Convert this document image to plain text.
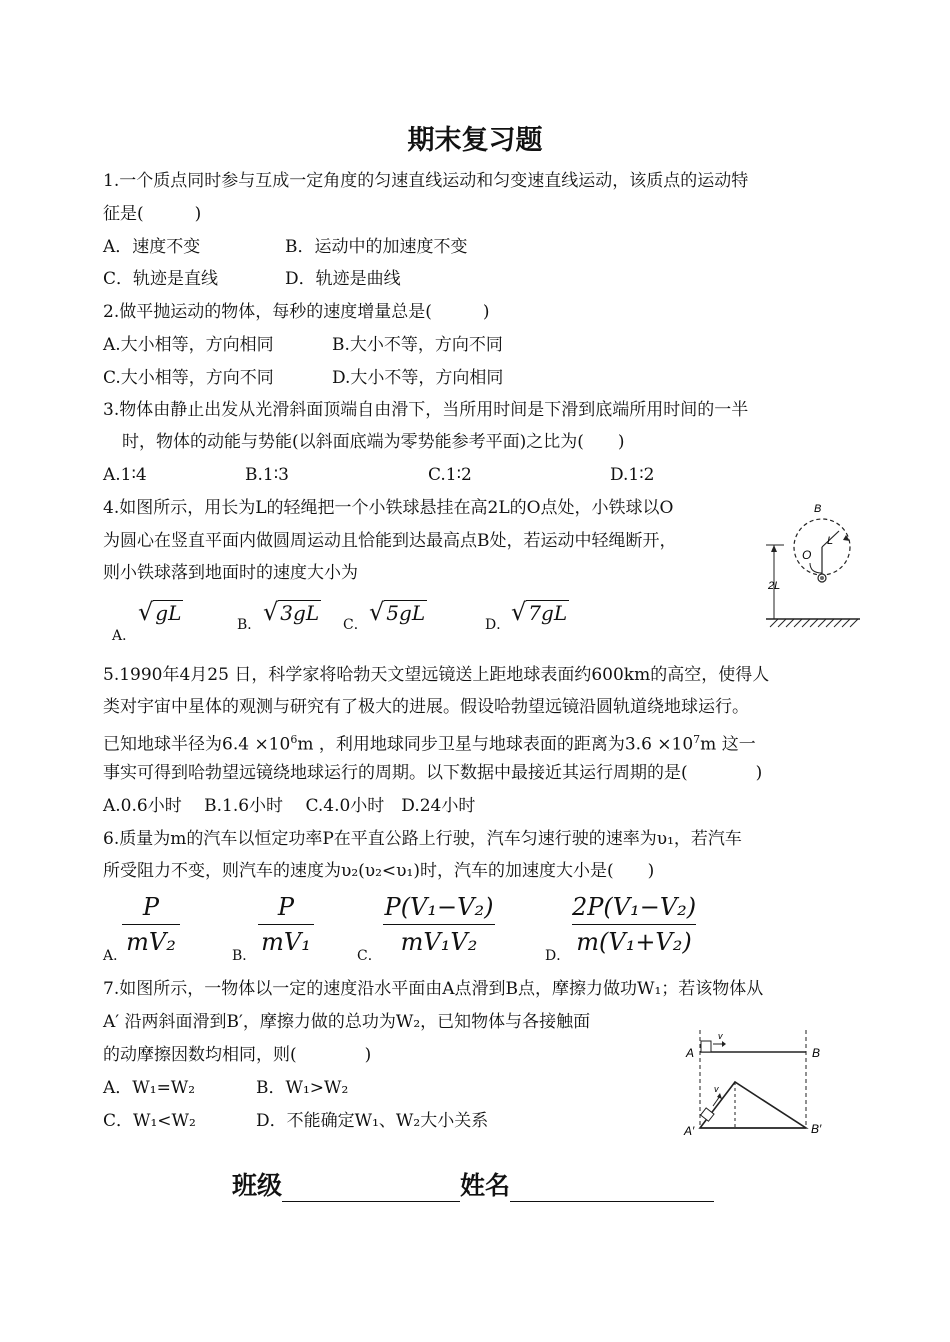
期末复习题
1.一个质点同时参与互成一定角度的匀速直线运动和匀变速直线运动，该质点的运动特
征是(　　　)
A．速度不变	B．运动中的加速度不变
C．轨迹是直线	D．轨迹是曲线
2.做平抛运动的物体，每秒的速度增量总是(　　　)
A.大小相等，方向相同	B.大小不等，方向不同
C.大小相等，方向不同	D.大小不等，方向相同
3.物体由静止出发从光滑斜面顶端自由滑下，当所用时间是下滑到底端所用时间的一半
时，物体的动能与势能(以斜面底端为零势能参考平面)之比为(　　)
A.1∶4	B.1∶3	C.1∶2	D.1∶2
4.如图所示，用长为L的轻绳把一个小铁球悬挂在高2L的O点处，小铁球以O
为圆心在竖直平面内做圆周运动且恰能到达最高点B处，若运动中轻绳断开，
则小铁球落到地面时的速度大小为
A．
√ gL	B． √ 3gL C． √ 5gL	D． √ 7gL
B
O
L
2L
5.1990年4月25 日，科学家将哈勃天文望远镜送上距地球表面约600km的高空，使得人
类对宇宙中星体的观测与研究有了极大的进展。假设哈勃望远镜沿圆轨道绕地球运行。
已知地球半径为$6.4 \times 10^6m$ ，利用地球同步卫星与地球表面的距离为$3.6 \times 10^7m$ 这一
事实可得到哈勃望远镜绕地球运行的周期。以下数据中最接近其运行周期的是(　　　　)
A.0.6小时　 B.1.6小时　 C.4.0小时　D.24小时
6.质量为m的汽车以恒定功率P在平直公路上行驶，汽车匀速行驶的速率为υ₁，若汽车
所受阻力不变，则汽车的速度为υ₂(υ₂<υ₁)时，汽车的加速度大小是(　　)
A．
P
mV₂	B．
P
mV₁	C．
P(V₁−V₂)
mV₁V₂	D．
2P(V₁−V₂)
m(V₁+V₂)
7.如图所示，一物体以一定的速度沿水平面由A点滑到B点，摩擦力做功W₁；若该物体从
A′ 沿两斜面滑到B′，摩擦力做的总功为W₂，已知物体与各接触面
的动摩擦因数均相同，则(　　　　)
A．W₁=W₂	B．W₁>W₂
C．W₁<W₂	D．不能确定W₁、W₂大小关系
A	B
A′	B′
v
v
班级	姓名
